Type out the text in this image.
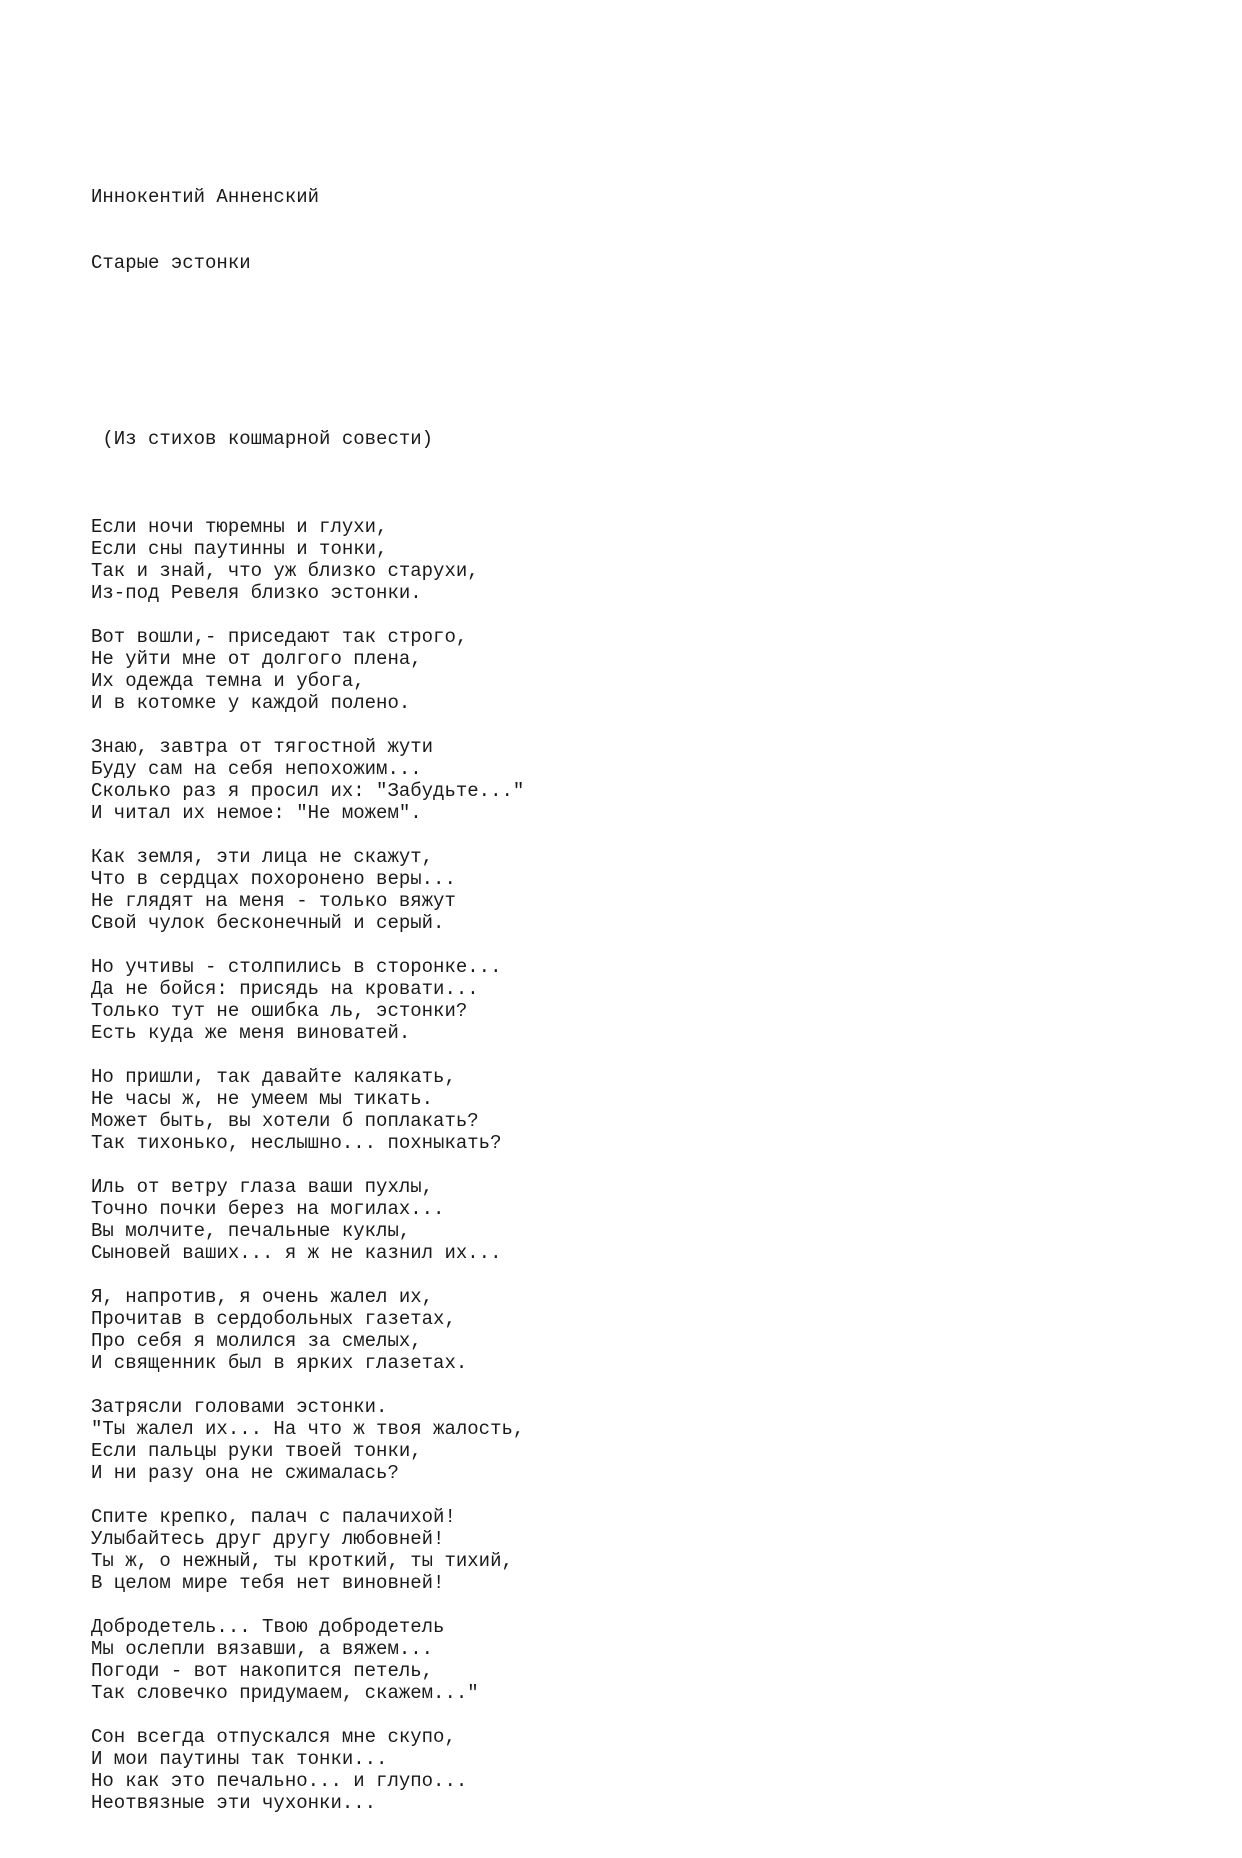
Иннокентий Анненский

Старые эстонки

(Из стихов кошмарной совести)

Если ночи тюремны и глухи,
Если сны паутинны и тонки,
Так и знай, что уж близко старухи,
Из-под Ревеля близко эстонки.
Вот вошли,- приседают так строго,
Не уйти мне от долгого плена,
Их одежда темна и убога,
И в котомке у каждой полено.
Знаю, завтра от тягостной жути
Буду сам на себя непохожим...
Сколько раз я просил их: "Забудьте..."
И читал их немое: "Не можем".
Как земля, эти лица не скажут,
Что в сердцах похоронено веры...
Не глядят на меня - только вяжут
Свой чулок бесконечный и серый.
Но учтивы - столпились в сторонке...
Да не бойся: присядь на кровати...
Только тут не ошибка ль, эстонки?
Есть куда же меня виноватей.
Но пришли, так давайте калякать,
Не часы ж, не умеем мы тикать.
Может быть, вы хотели б поплакать?
Так тихонько, неслышно... похныкать?
Иль от ветру глаза ваши пухлы,
Точно почки берез на могилах...
Вы молчите, печальные куклы,
Сыновей ваших... я ж не казнил их...
Я, напротив, я очень жалел их,
Прочитав в сердобольных газетах,
Про себя я молился за смелых,
И священник был в ярких глазетах.
Затрясли головами эстонки.
"Ты жалел их... На что ж твоя жалость,
Если пальцы руки твоей тонки,
И ни разу она не сжималась?
Спите крепко, палач с палачихой!
Улыбайтесь друг другу любовней!
Ты ж, о нежный, ты кроткий, ты тихий,
В целом мире тебя нет виновней!
Добродетель... Твою добродетель
Мы ослепли вязавши, а вяжем...
Погоди - вот накопится петель,
Так словечко придумаем, скажем..."
Сон всегда отпускался мне скупо,
И мои паутины так тонки...
Но как это печально... и глупо...
Неотвязные эти чухонки...
